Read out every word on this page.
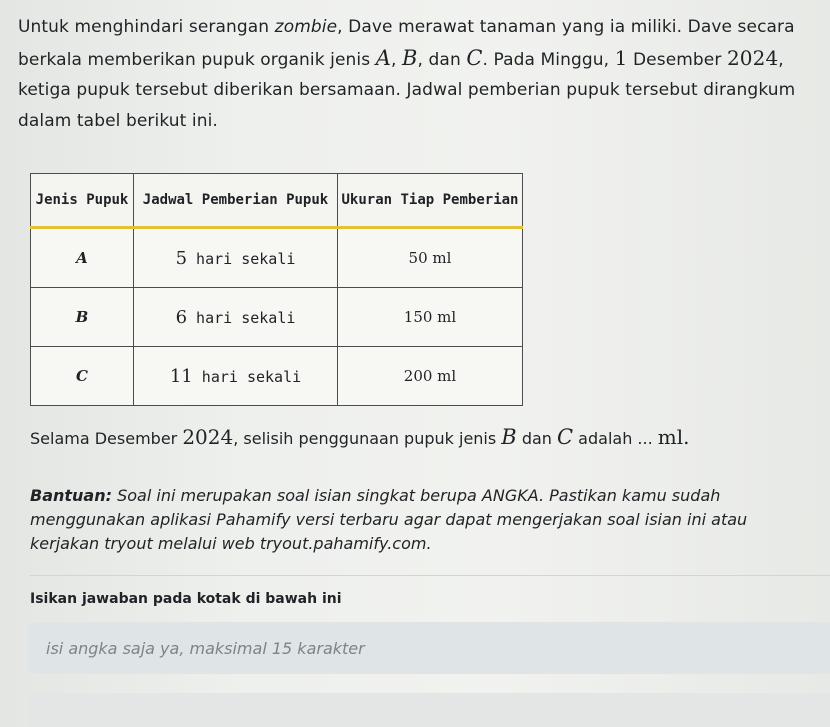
Untuk menghindari serangan zombie, Dave merawat tanaman yang ia miliki. Dave secara berkala memberikan pupuk organik jenis A, B, dan C. Pada Minggu, 1 Desember 2024, ketiga pupuk tersebut diberikan bersamaan. Jadwal pemberian pupuk tersebut dirangkum dalam tabel berikut ini.

Jenis Pupuk	Jadwal Pemberian Pupuk	Ukuran Tiap Pemberian
A	5 hari sekali	50 ml
B	6 hari sekali	150 ml
C	11 hari sekali	200 ml
Selama Desember 2024, selisih penggunaan pupuk jenis B dan C adalah ... ml.
Bantuan: Soal ini merupakan soal isian singkat berupa ANGKA. Pastikan kamu sudah menggunakan aplikasi Pahamify versi terbaru agar dapat mengerjakan soal isian ini atau kerjakan tryout melalui web tryout.pahamify.com.
Isikan jawaban pada kotak di bawah ini
isi angka saja ya, maksimal 15 karakter
